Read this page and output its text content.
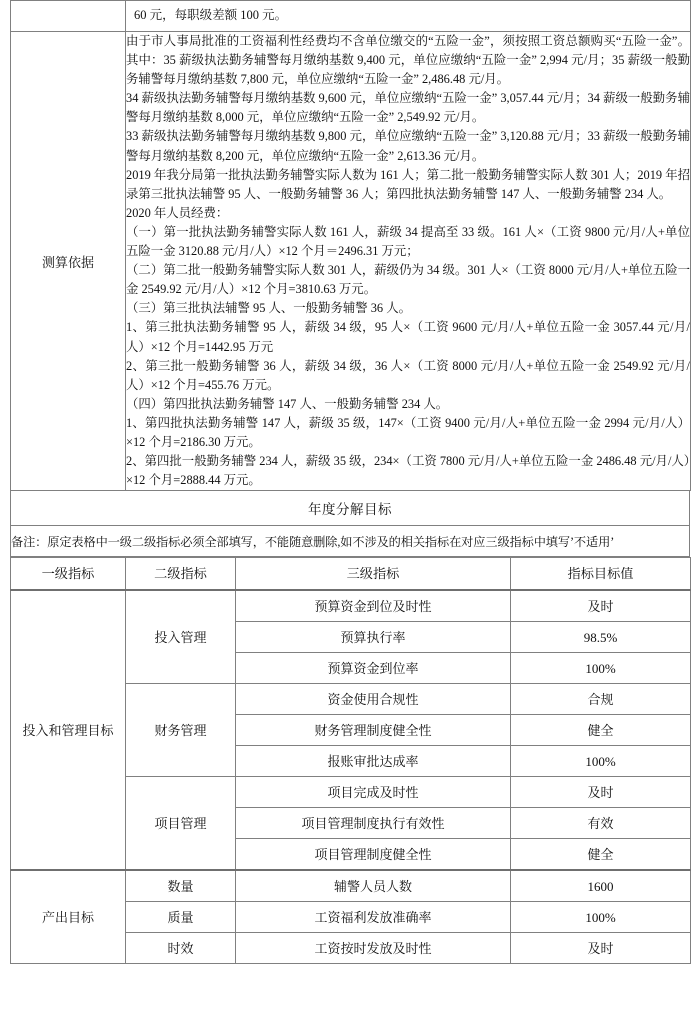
	60 元，每职级差额 100 元。
测算依据	

由于市人事局批准的工资福利性经费均不含单位缴交的“五险一金”，须按照工资总额购买“五险一金”。其中：35 薪级执法勤务辅警每月缴纳基数 9,400 元，单位应缴纳“五险一金” 2,994 元/月；35 薪级一般勤务辅警每月缴纳基数 7,800 元，单位应缴纳“五险一金” 2,486.48 元/月。

34 薪级执法勤务辅警每月缴纳基数 9,600 元，单位应缴纳“五险一金” 3,057.44 元/月；34 薪级一般勤务辅警每月缴纳基数 8,000 元，单位应缴纳“五险一金” 2,549.92 元/月。

33 薪级执法勤务辅警每月缴纳基数 9,800 元，单位应缴纳“五险一金” 3,120.88 元/月；33 薪级一般勤务辅警每月缴纳基数 8,200 元，单位应缴纳“五险一金” 2,613.36 元/月。

2019 年我分局第一批执法勤务辅警实际人数为 161 人；第二批一般勤务辅警实际人数 301 人；2019 年招录第三批执法辅警 95 人、一般勤务辅警 36 人；第四批执法勤务辅警 147 人、一般勤务辅警 234 人。

2020 年人员经费：

（一）第一批执法勤务辅警实际人数 161 人，薪级 34 提高至 33 级。161 人×（工资 9800 元/月/人+单位五险一金 3120.88 元/月/人）×12 个月＝2496.31 万元；

（二）第二批一般勤务辅警实际人数 301 人，薪级仍为 34 级。301 人×（工资 8000 元/月/人+单位五险一金 2549.92 元/月/人）×12 个月=3810.63 万元。

（三）第三批执法辅警 95 人、一般勤务辅警 36 人。

1、第三批执法勤务辅警 95 人，薪级 34 级，95 人×（工资 9600 元/月/人+单位五险一金 3057.44 元/月/人）×12 个月=1442.95 万元

2、第三批一般勤务辅警 36 人，薪级 34 级，36 人×（工资 8000 元/月/人+单位五险一金 2549.92 元/月/人）×12 个月=455.76 万元。

（四）第四批执法勤务辅警 147 人、一般勤务辅警 234 人。

1、第四批执法勤务辅警 147 人，薪级 35 级，147×（工资 9400 元/月/人+单位五险一金 2994 元/月/人）×12 个月=2186.30 万元。

2、第四批一般勤务辅警 234 人，薪级 35 级，234×（工资 7800 元/月/人+单位五险一金 2486.48 元/月/人）×12 个月=2888.44 万元。

年度分解目标
备注：原定表格中一级二级指标必须全部填写，不能随意删除,如不涉及的相关指标在对应三级指标中填写’不适用’
一级指标	二级指标	三级指标	指标目标值
投入和管理目标	投入管理	预算资金到位及时性	及时
		预算执行率	98.5%
		预算资金到位率	100%
	财务管理	资金使用合规性	合规
		财务管理制度健全性	健全
		报账审批达成率	100%
	项目管理	项目完成及时性	及时
		项目管理制度执行有效性	有效
		项目管理制度健全性	健全
产出目标	数量	辅警人员人数	1600
	质量	工资福利发放准确率	100%
	时效	工资按时发放及时性	及时
